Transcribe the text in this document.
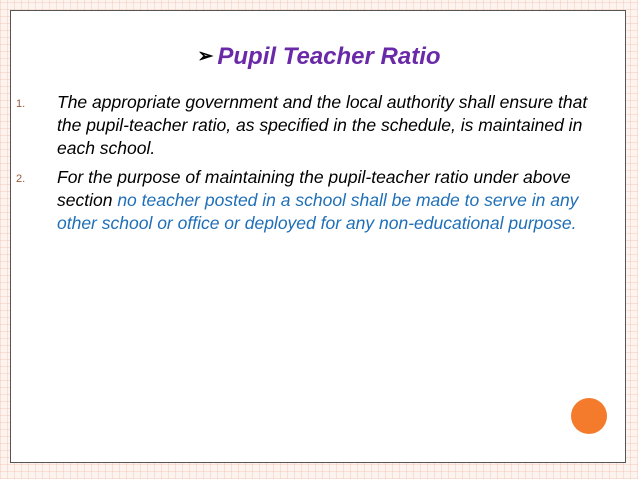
➢ Pupil Teacher Ratio
1. The appropriate government and the local authority shall ensure that the pupil-teacher ratio, as specified in the schedule, is maintained in each school.
2. For the purpose of maintaining the pupil-teacher ratio under above section no teacher posted in a school shall be made to serve in any other school or office or deployed for any non-educational purpose.
